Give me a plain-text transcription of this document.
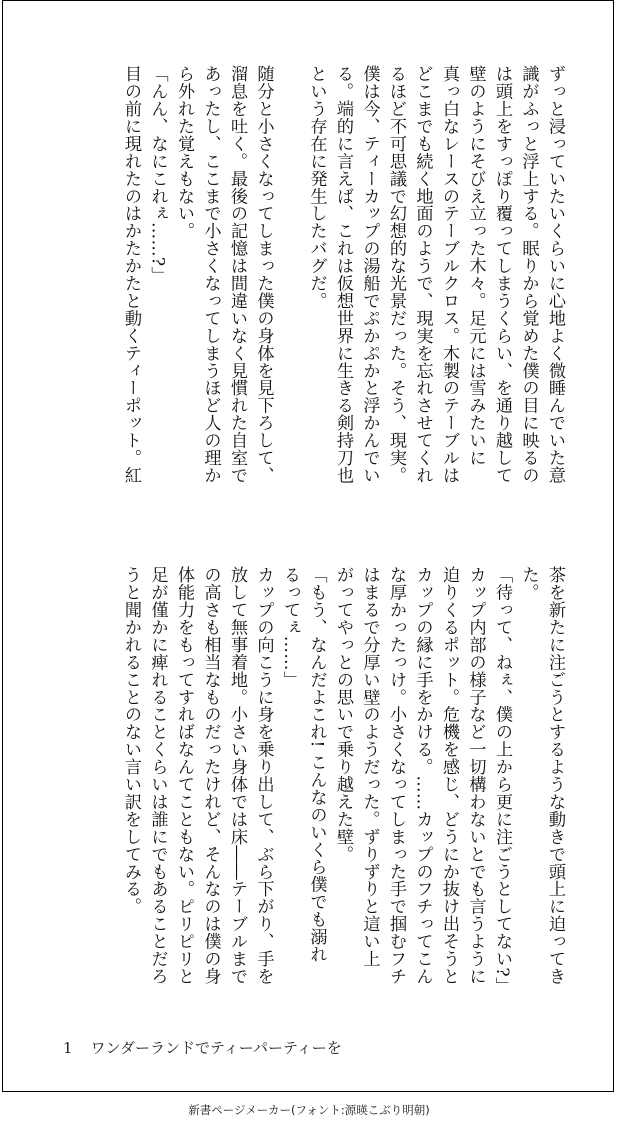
ずっと浸っていたいくらいに心地よく微睡んでいた意

識がふっと浮上する。眠りから覚めた僕の目に映るの

は頭上をすっぽり覆ってしまうくらい、を通り越して

壁のようにそびえ立った木々。足元には雪みたいに

真っ白なレースのテーブルクロス。木製のテーブルは

どこまでも続く地面のようで、現実を忘れさせてくれ

るほど不可思議で幻想的な光景だった。そう、現実。

僕は今、ティーカップの湯船でぷかぷかと浮かんでい

る。端的に言えば、これは仮想世界に生きる剣持刀也

という存在に発生したバグだ。

随分と小さくなってしまった僕の身体を見下ろして、

溜息を吐く。最後の記憶は間違いなく見慣れた自室で

あったし、ここまで小さくなってしまうほど人の理か

ら外れた覚えもない。

「んん、なにこれぇ……?」

目の前に現れたのはかたかたと動くティーポット。紅

茶を新たに注ごうとするような動きで頭上に迫ってき

た。

「待って、ねぇ、僕の上から更に注ごうとしてない?」

カップ内部の様子など一切構わないとでも言うように

迫りくるポット。危機を感じ、どうにか抜け出そうと

カップの縁に手をかける。……カップのフチってこん

な厚かったっけ。小さくなってしまった手で掴むフチ

はまるで分厚い壁のようだった。ずりずりと這い上

がってやっとの思いで乗り越えた壁。

「もう、なんだよこれ! こんなのいくら僕でも溺れ

るってぇ……」

カップの向こうに身を乗り出して、ぶら下がり、手を

放して無事着地。小さい身体では床――テーブルまで

の高さも相当なものだったけれど、そんなのは僕の身

体能力をもってすればなんてこともない。ピリピリと

足が僅かに痺れることくらいは誰にでもあることだろ

うと聞かれることのない言い訳をしてみる。

1 ワンダーランドでティーパーティーを
新書ページメーカー(フォント:源暎こぶり明朝)
